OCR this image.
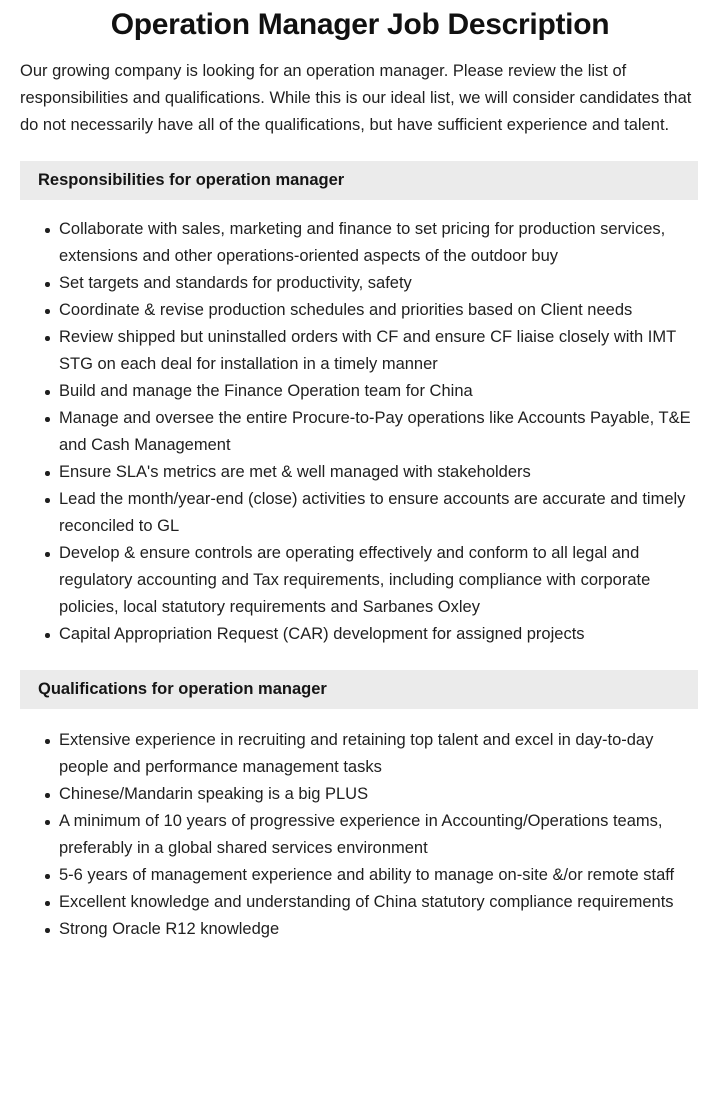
Operation Manager Job Description

Our growing company is looking for an operation manager. Please review the list of responsibilities and qualifications. While this is our ideal list, we will consider candidates that do not necessarily have all of the qualifications, but have sufficient experience and talent.

Responsibilities for operation manager
Collaborate with sales, marketing and finance to set pricing for production services, extensions and other operations-oriented aspects of the outdoor buy
Set targets and standards for productivity, safety
Coordinate & revise production schedules and priorities based on Client needs
Review shipped but uninstalled orders with CF and ensure CF liaise closely with IMT STG on each deal for installation in a timely manner
Build and manage the Finance Operation team for China
Manage and oversee the entire Procure-to-Pay operations like Accounts Payable, T&E and Cash Management
Ensure SLA's metrics are met & well managed with stakeholders
Lead the month/year-end (close) activities to ensure accounts are accurate and timely reconciled to GL
Develop & ensure controls are operating effectively and conform to all legal and regulatory accounting and Tax requirements, including compliance with corporate policies, local statutory requirements and Sarbanes Oxley
Capital Appropriation Request (CAR) development for assigned projects
Qualifications for operation manager
Extensive experience in recruiting and retaining top talent and excel in day-to-day people and performance management tasks
Chinese/Mandarin speaking is a big PLUS
A minimum of 10 years of progressive experience in Accounting/Operations teams, preferably in a global shared services environment
5-6 years of management experience and ability to manage on-site &/or remote staff
Excellent knowledge and understanding of China statutory compliance requirements
Strong Oracle R12 knowledge
